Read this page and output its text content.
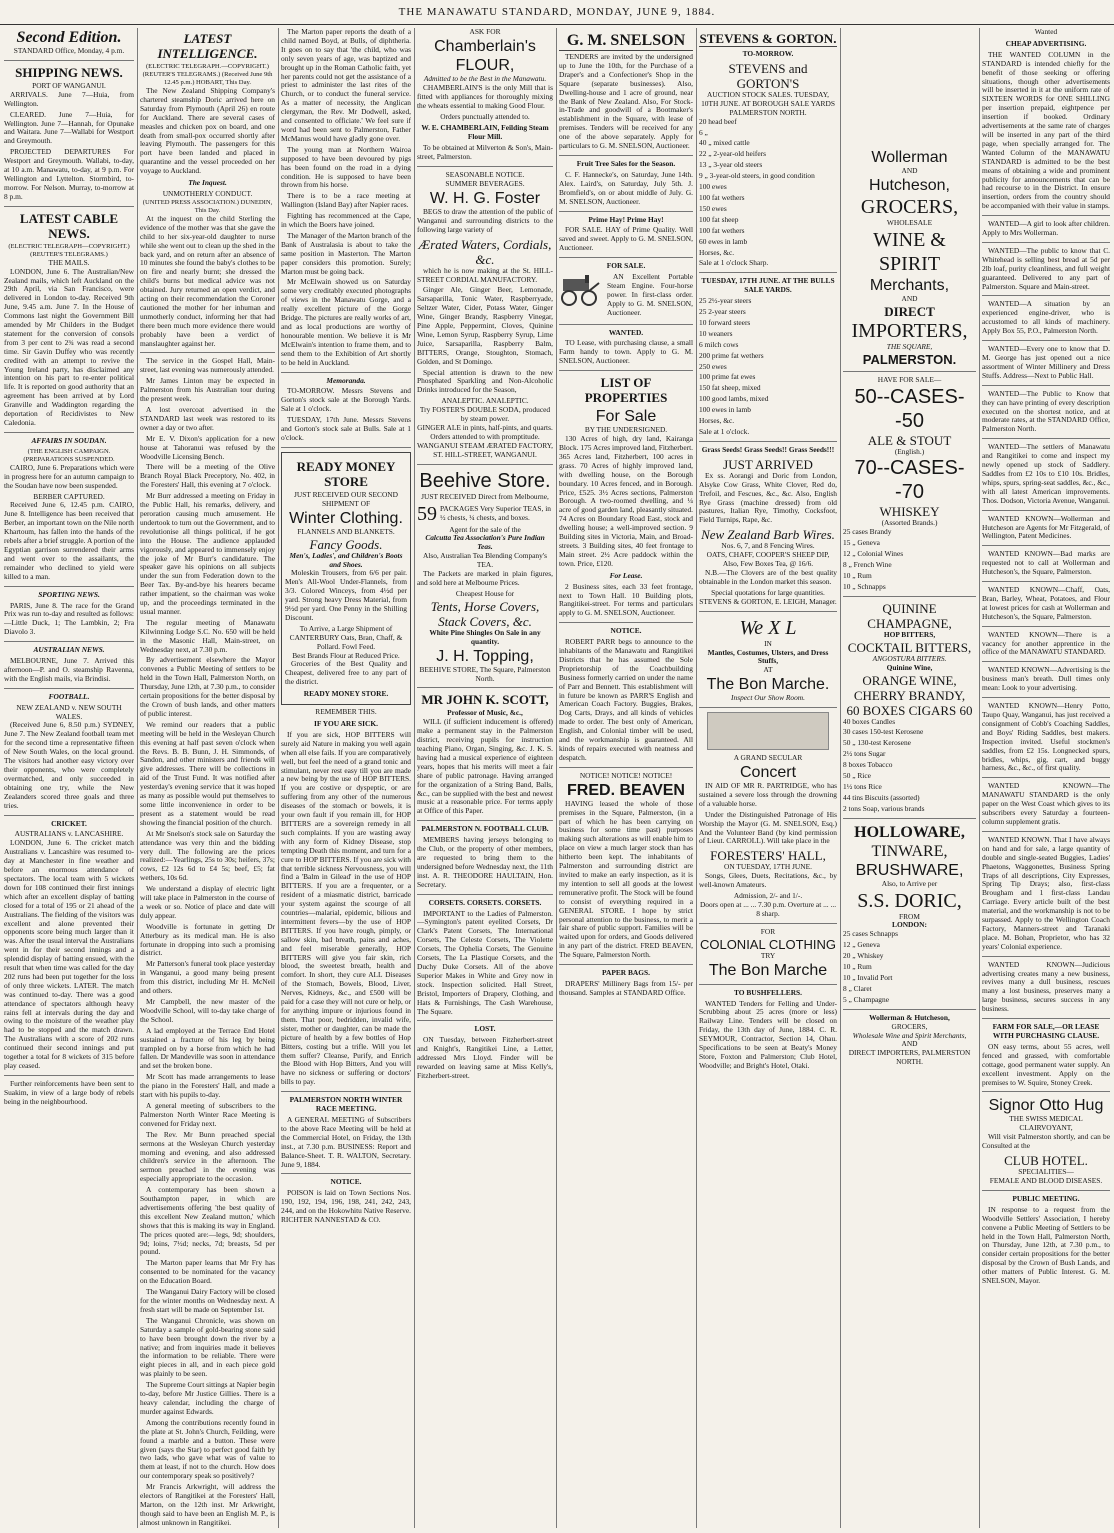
THE MANAWATU STANDARD, MONDAY, JUNE 9, 1884.
Second Edition.
STANDARD Office, Monday, 4 p.m.
SHIPPING NEWS.
PORT OF WANGANUI.

ARRIVALS. June 7—Huia, from Wellington.

CLEARED. June 7—Huia, for Wellington. June 7—Hannah, for Opunake and Waitara. June 7—Wallabi for Westport and Greymouth.

PROJECTED DEPARTURES For Westport and Greymouth. Wallabi, to-day, at 10 a.m. Manawatu, to-day, at 9 p.m. For Wellington and Lyttelton. Stormbird, to-morrow. For Nelson. Murray, to-morrow at 8 p.m.

LATEST CABLE NEWS.
(ELECTRIC TELEGRAPH—COPYRIGHT.) (REUTER'S TELEGRAMS.)
THE MAILS.

LONDON, June 6. The Australian/New Zealand mails, which left Auckland on the 29th April, via San Francisco, were delivered in London to-day. Received 9th June, 9.45 a.m. June 7. In the House of Commons last night the Government Bill amended by Mr Childers in the Budget statement for the conversion of consols from 3 per cent to 2¾ was read a second time. Sir Gavin Duffey who was recently credited with an attempt to revive the Young Ireland party, has disclaimed any intention on his part to re-enter political life. It is reported on good authority that an agreement has been arrived at by Lord Granville and Waddington regarding the deportation of Recidivistes to New Caledonia.

AFFAIRS IN SOUDAN.
(THE ENGLISH CAMPAIGN. (PREPARATIONS SUSPENDED.

CAIRO, June 6. Preparations which were in progress here for an autumn campaign to the Soudan have now been suspended.

BERBER CAPTURED.

Received June 6, 12.45 p.m. CAIRO, June 8. Intelligence has been received that Berber, an important town on the Nile north Khartoum, has fallen into the hands of the rebels after a brief struggle. A portion of the Egyptian garrison surrendered their arms and went over to the assailants, the remainder who declined to yield were killed to a man.

SPORTING NEWS.

PARIS, June 8. The race for the Grand Prix was run to-day and resulted as follows:—Little Duck, 1; The Lambkin, 2; Fra Diavolo 3.

AUSTRALIAN NEWS.

MELBOURNE, June 7. Arrived this afternoon—P. and O. steamship Ravenna, with the English mails, via Brindisi.

FOOTBALL.
NEW ZEALAND v. NEW SOUTH WALES.

(Received June 6, 8.50 p.m.) SYDNEY, June 7. The New Zealand football team met for the second time a representative fifteen of New South Wales, on the local ground. The visitors had another easy victory over their opponents, who were completely overmatched, and only succeeded in obtaining one try, while the New Zealanders scored three goals and three tries.

CRICKET.
AUSTRALIANS v. LANCASHIRE.

LONDON, June 6. The cricket match Australians v. Lancashire was resumed to-day at Manchester in fine weather and before an enormous attendance of spectators. The local team with 5 wickets down for 108 continued their first innings which after an excellent display of batting closed for a total of 195 or 21 ahead of the Australians. The fielding of the visitors was excellent and alone prevented their opponents score being much larger than it was. After the usual interval the Australians went in for their second innings and a splendid display of batting ensued, with the result that when time was called for the day 202 runs had been put together for the loss of only three wickets. LATER. The match was continued to-day. There was a good attendance of spectators although heavy rains fell at intervals during the day and owing to the moisture of the weather play had to be stopped and the match drawn. The Australians with a score of 202 runs continued their second innings and put together a total for 8 wickets of 315 before play ceased.

Further reinforcements have been sent to Suakim, in view of a large body of rebels being in the neighbourhood.

LATEST INTELLIGENCE.
(ELECTRIC TELEGRAPH.—COPYRIGHT.) (REUTER'S TELEGRAMS.) (Received June 9th 12.45 p.m.) HOBART, This Day.

The New Zealand Shipping Company's chartered steamship Doric arrived here on Saturday from Plymouth (April 26) en route for Auckland. There are several cases of measles and chicken pox on board, and one death from small-pox occurred shortly after leaving Plymouth. The passengers for this port have been landed and placed in quarantine and the vessel proceeded on her voyage to Auckland.

The Inquest.
UNMOTHERLY CONDUCT.
(UNITED PRESS ASSOCIATION.) DUNEDIN, This Day.

At the inquest on the child Sterling the evidence of the mother was that she gave the child to her six-year-old daughter to nurse while she went out to clean up the shed in the back yard, and on return after an absence of 10 minutes she found the baby's clothes to be on fire and nearly burnt; she dressed the child's burns but medical advice was not obtained. Jury returned an open verdict, and acting on their recommendation the Coroner cautioned the mother for her inhuman and unmotherly conduct, informing her that had there been much more evidence there would probably have been a verdict of manslaughter against her.

The service in the Gospel Hall, Main-street, last evening was numerously attended.

Mr James Linton may be expected in Palmerston from his Australian tour during the present week.

A lost overcoat advertised in the STANDARD last week was restored to its owner a day or two after.

Mr E. V. Dixon's application for a new house at Tahoranui was refused by the Woodville Licensing Bench.

There will be a meeting of the Olive Branch Royal Black Preceptory, No. 402, in the Foresters' Hall, this evening at 7 o'clock.

Mr Burr addressed a meeting on Friday in the Public Hall, his remarks, delivery, and peroration causing much amusement. He undertook to turn out the Government, and to revolutionise all things political, if he got into the House. The audience applauded vigorously, and appeared to immensely enjoy the joke of Mr Burr's candidature. The speaker gave his opinions on all subjects under the sun from Federation down to the Beer Tax. By-and-bye his hearers became rather impatient, so the chairman was woke up, and the proceedings terminated in the usual manner.

The regular meeting of Manawatu Kilwinning Lodge S.C. No. 650 will be held in the Masonic Hall, Main-street, on Wednesday next, at 7.30 p.m.

By advertisement elsewhere the Mayor convenes a Public Meeting of settlers to be held in the Town Hall, Palmerston North, on Thursday, June 12th, at 7.30 p.m., to consider certain propositions for the better disposal by the Crown of bush lands, and other matters of public interest.

We remind our readers that a public meeting will be held in the Wesleyan Church this evening at half past seven o'clock when the Revs. B. B. Bunn, J. H. Simmonds, of Sandon, and other ministers and friends will give addresses. There will be collections in aid of the Trust Fund. It was notified after yesterday's evening service that it was hoped as many as possible would put themselves to some little inconvenience in order to be present as a statement would be read showing the financial position of the church.

At Mr Snelson's stock sale on Saturday the attendance was very thin and the bidding very dull. The following are the prices realized:—Yearlings, 25s to 30s; heifers, 37s; cows, £2 12s 6d to £4 5s; beef, £5; fat wethers, 10s 6d.

We understand a display of electric light will take place in Palmerston in the course of a week or so. Notice of place and date will duly appear.

Woodville is fortunate in getting Dr Atterbury as its medical man. He is also fortunate in dropping into such a promising district.

Mr Patterson's funeral took place yesterday in Wanganui, a good many being present from this district, including Mr H. McNeil and others.

Mr Campbell, the new master of the Woodville School, will to-day take charge of the School.

A lad employed at the Terrace End Hotel sustained a fracture of his leg by being trampled on by a horse from which he had fallen. Dr Mandeville was soon in attendance and set the broken bone.

Mr Scott has made arrangements to lease the piano in the Foresters' Hall, and made a start with his pupils to-day.

A general meeting of subscribers to the Palmerston North Winter Race Meeting is convened for Friday next.

The Rev. Mr Bunn preached special sermons at the Wesleyan Church yesterday morning and evening, and also addressed children's service in the afternoon. The sermon preached in the evening was especially appropriate to the occasion.

A contemporary has been shown a Southampton paper, in which are advertisements offering 'the best quality of this excellent New Zealand mutton,' which shows that this is making its way in England. The prices quoted are:—legs, 9d; shoulders, 9d; loins, 7½d; necks, 7d; breasts, 5d per pound.

The Marton paper learns that Mr Fry has consented to be nominated for the vacancy on the Education Board.

The Wanganui Dairy Factory will be closed for the winter months on Wednesday next. A fresh start will be made on September 1st.

The Wanganui Chronicle, was shown on Saturday a sample of gold-bearing stone said to have been brought down the river by a native; and from inquiries made it believes the information to be reliable. There were eight pieces in all, and in each piece gold was plainly to be seen.

The Supreme Court sittings at Napier begin to-day, before Mr Justice Gillies. There is a heavy calendar, including the charge of murder against Edwards.

Among the contributions recently found in the plate at St. John's Church, Feilding, were found a marble and a button. These were given (says the Star) to perfect good faith by two lads, who gave what was of value to them at least, if not to the church. How does our contemporary speak so positively?

Mr Francis Arkwright, will address the electors of Rangitikei at the Foresters' Hall, Marton, on the 12th inst. Mr Arkwright, though said to have been an English M. P., is almost unknown in Rangitikei.

The Marton paper reports the death of a child named Boyd, at Bulls, of diphtheria. It goes on to say that 'the child, who was only seven years of age, was baptized and brought up in the Roman Catholic faith, yet her parents could not get the assistance of a priest to administer the last rites of the Church, or to conduct the funeral service. As a matter of necessity, the Anglican clergyman, the Rev. Mr Dodwell, asked, and consented to officiate.' We feel sure if word had been sent to Palmerston, Father McManus would have gladly gone over.

The young man at Northern Wairoa supposed to have been devoured by pigs has been found on the road in a dying condition. He is supposed to have been thrown from his horse.

There is to be a race meeting at Wallington (Island Bay) after Napier races.

Fighting has recommenced at the Cape, in which the Boers have joined.

The Manager of the Marton branch of the Bank of Australasia is about to take the same position in Masterton. The Marton paper considers this promotion. Surely; Marton must be going back.

Mr McElwain showed us on Saturday some very creditably executed photographs of views in the Manawatu Gorge, and a really excellent picture of the Gorge Bridge. The pictures are really works of art, and as local productions are worthy of honourable mention. We believe it is Mr McElwain's intention to frame them, and to send them to the Exhibition of Art shortly to be held in Auckland.

Memoranda.

TO-MORROW. Messrs Stevens and Gorton's stock sale at the Borough Yards. Sale at 1 o'clock.

TUESDAY, 17th June. Messrs Stevens and Gorton's stock sale at Bulls. Sale at 1 o'clock.

READY MONEY STORE
JUST RECEIVED OUR SECOND SHIPMENT OF
Winter Clothing.
FLANNELS AND BLANKETS.
Fancy Goods.
Men's, Ladies', and Children's Boots and Shoes.

Moleskin Trousers, from 6/6 per pair. Men's All-Wool Under-Flannels, from 3/3. Colored Winceys, from 4½d per yard. Strong heavy Dress Material, from 9½d per yard. One Penny in the Shilling Discount.

To Arrive, a Large Shipment of CANTERBURY Oats, Bran, Chaff, & Pollard. Fowl Feed.
Best Brands Flour at Reduced Price.

Groceries of the Best Quality and Cheapest, delivered free to any part of the district.

READY MONEY STORE.
REMEMBER THIS.
IF YOU ARE SICK.

If you are sick, HOP BITTERS will surely aid Nature in making you well again when all else fails. If you are comparatively well, but feel the need of a grand tonic and stimulant, never rest easy till you are made a new being by the use of HOP BITTERS. If you are costive or dyspeptic, or are suffering from any other of the numerous diseases of the stomach or bowels, it is your own fault if you remain ill, for HOP BITTERS are a sovereign remedy in all such complaints. If you are wasting away with any form of Kidney Disease, stop tempting Death this moment, and turn for a cure to HOP BITTERS. If you are sick with that terrible sickness Nervousness, you will find a 'Balm in Gilead' in the use of HOP BITTERS. If you are a frequenter, or a resident of a miasmatic district, barricade your system against the scourge of all countries—malarial, epidemic, bilious and intermittent fevers—by the use of HOP BITTERS. If you have rough, pimply, or sallow skin, bad breath, pains and aches, and feel miserable generally, HOP BITTERS will give you fair skin, rich blood, the sweetest breath, health and comfort. In short, they cure ALL Diseases of the Stomach, Bowels, Blood, Liver, Nerves, Kidneys, &c., and £500 will be paid for a case they will not cure or help, or for anything impure or injurious found in them. That poor, bedridden, invalid wife, sister, mother or daughter, can be made the picture of health by a few bottles of Hop Bitters, costing but a trifle. Will you let them suffer? Cleanse, Purify, and Enrich the Blood with Hop Bitters, And you will have no sickness or suffering or doctors' bills to pay.

PALMERSTON NORTH WINTER RACE MEETING.

A GENERAL MEETING of Subscribers to the above Race Meeting will be held at the Commercial Hotel, on Friday, the 13th inst., at 7.30 p.m. BUSINESS: Report and Balance-Sheet. T. R. WALTON, Secretary. June 9, 1884.

NOTICE.

POISON is laid on Town Sections Nos. 190, 192, 194, 196, 198, 241, 242, 243, 244, and on the Hokowhitu Native Reserve. RICHTER NANNESTAD & CO.

ASK FOR
Chamberlain's FLOUR,
Admitted to be the Best in the Manawatu.

CHAMBERLAIN'S is the only Mill that is fitted with appliances for thoroughly mixing the wheats essential to making Good Flour.

Orders punctually attended to.
W. E. CHAMBERLAIN, Feilding Steam Flour Mill.

To be obtained at Milverton & Son's, Main-street, Palmerston.

SEASONABLE NOTICE.
SUMMER BEVERAGES.
W. H. G. Foster

BEGS to draw the attention of the public of Wanganui and surrounding districts to the following large variety of

Ærated Waters, Cordials, &c.

which he is now making at the St. HILL-STREET CORDIAL MANUFACTORY.

Ginger Ale, Ginger Beer, Lemonade, Sarsaparilla, Tonic Water, Raspberryade, Seltzer Water, Cider, Potass Water, Ginger Wine, Ginger Brandy, Raspberry Vinegar, Pine Apple, Peppermint, Cloves, Quinine Wine, Lemon Syrup, Raspberry Syrup, Lime Juice, Sarsaparilla, Raspberry Balm, BITTERS, Orange, Stoughton, Stomach, Golden, and St Domingo.

Special attention is drawn to the new Phosphated Sparkling and Non-Alcoholic Drinks introduced for the Season,

ANALEPTIC. ANALEPTIC.
Try FOSTER'S DOUBLE SODA, produced by steam power.
GINGER ALE in pints, half-pints, and quarts.
Orders attended to with promptitude.
WANGANUI STEAM ÆRATED FACTORY, ST. HILL-STREET, WANGANUI.
Beehive Store.
JUST RECEIVED Direct from Melbourne,
59 PACKAGES Very Superior TEAS, in ½ chests, ¼ chests, and boxes.
Agent for the sale of the
Calcutta Tea Association's Pure Indian Teas.
Also, Australian Tea Blending Company's TEA.

The Packets are marked in plain figures, and sold here at Melbourne Prices.

Cheapest House for
Tents, Horse Covers, Stack Covers, &c.
White Pine Shingles On Sale in any quantity.
J. H. Topping,
BEEHIVE STORE, The Square, Palmerston North.
MR JOHN K. SCOTT,
Professor of Music, &c.,

WILL (if sufficient inducement is offered) make a permanent stay in the Palmerston district, receiving pupils for instruction teaching Piano, Organ, Singing, &c. J. K. S. having had a musical experience of eighteen years, hopes that his merits will meet a fair share of public patronage. Having arranged for the organization of a String Band, Balls, &c., can be supplied with the best and newest music at a reasonable price. For terms apply at Office of this Paper.

PALMERSTON N. FOOTBALL CLUB.

MEMBERS having jerseys belonging to the Club, or the property of other members, are requested to bring them to the undersigned before Wednesday next, the 11th inst. A. R. THEODORE HAULTAIN, Hon. Secretary.

CORSETS. CORSETS. CORSETS.

IMPORTANT to the Ladies of Palmerston.—Symington's patent eyelited Corsets, Dr Clark's Patent Corsets, The International Corsets, The Celeste Corsets, The Violette Corsets, The Ophelia Corsets, The Genuine Corsets, The La Plastique Corsets, and the Duchy Duke Corsets. All of the above Superior Makes in White and Grey now in stock. Inspection solicited. Hall Street, Bristol, Importers of Drapery, Clothing, and Hats & Furnishings, The Cash Warehouse, The Square.

LOST.

ON Tuesday, between Fitzherbert-street and Knight's, Rangitikei Line, a Letter, addressed Mrs Lloyd. Finder will be rewarded on leaving same at Miss Kelly's, Fitzherbert-street.

G. M. SNELSON

TENDERS are invited by the undersigned up to June the 10th, for the Purchase of a Draper's and a Confectioner's Shop in the Square (separate businesses). Also, Dwelling-house and 1 acre of ground, near the Bank of New Zealand. Also, For Stock-in-Trade and goodwill of a Bootmaker's establishment in the Square, with lease of premises. Tenders will be received for any one of the above separately. Apply for particulars to G. M. SNELSON, Auctioneer.

Fruit Tree Sales for the Season.

C. F. Hannecke's, on Saturday, June 14th. Alex. Laird's, on Saturday, July 5th. J. Bromfield's, on or about middle of July. G. M. SNELSON, Auctioneer.

Prime Hay! Prime Hay!

FOR SALE. HAY of Prime Quality. Well saved and sweet. Apply to G. M. SNELSON, Auctioneer.

FOR SALE.

AN Excellent Portable Steam Engine. Four-horse power. In first-class order. Apply to G. M. SNELSON, Auctioneer.

WANTED.

TO Lease, with purchasing clause, a small Farm handy to town. Apply to G. M. SNELSON, Auctioneer.

LIST OF PROPERTIES
For Sale
BY THE UNDERSIGNED.

130 Acres of high, dry land, Kairanga Block. 175 Acres improved land, Fitzherbert. 365 Acres land, Fitzherbert, 100 acres in grass. 70 Acres of highly improved land, with dwelling house, on the Borough boundary. 10 Acres fenced, and in Borough. Price, £525. 3½ Acres sections, Palmerston Borough. A two-roomed dwelling, and ¼ acre of good garden land, pleasantly situated. 74 Acres on Boundary Road East, stock and dwelling house; a well-improved section. 9 Building sites in Victoria, Main, and Broad-streets. 3 Building sites, 40 feet frontage to Main street. 2½ Acre paddock within the town. Price, £120.

For Lease.

2 Business sites, each 33 feet frontage, next to Town Hall. 10 Building plots, Rangitikei-street. For terms and particulars apply to G. M. SNELSON, Auctioneer.

NOTICE.

ROBERT PARR begs to announce to the inhabitants of the Manawatu and Rangitikei Districts that he has assumed the Sole Proprietorship of the Coachbuilding Business formerly carried on under the name of Parr and Bennett. This establishment will in future be known as PARR'S English and American Coach Factory. Buggies, Brakes, Dog Carts, Drays, and all kinds of vehicles made to order. The best only of American, English, and Colonial timber will be used, and the workmanship is guaranteed. All kinds of repairs executed with neatness and despatch.

NOTICE! NOTICE! NOTICE!
FRED. BEAVEN

HAVING leased the whole of those premises in the Square, Palmerston, (in a part of which he has been carrying on business for some time past) purposes making such alterations as will enable him to place on view a much larger stock than has hitherto been kept. The inhabitants of Palmerston and surrounding district are invited to make an early inspection, as it is my intention to sell all goods at the lowest remunerative profit. The Stock will be found to consist of everything required in a GENERAL STORE. I hope by strict personal attention to the business, to merit a fair share of public support. Families will be waited upon for orders, and Goods delivered in any part of the district. FRED BEAVEN, The Square, Palmerston North.

PAPER BAGS.

DRAPERS' Millinery Bags from 15/- per thousand. Samples at STANDARD Office.

STEVENS & GORTON.
TO-MORROW.
STEVENS and GORTON'S
AUCTION STOCK SALES. TUESDAY, 10TH JUNE. AT BOROUGH SALE YARDS PALMERSTON NORTH.

20 head beef

6 „

40 „ mixed cattle

22 „ 2-year-old heifers

13 „ 3-year old steers

9 „ 3-year-old steers, in good condition

100 ewes

100 fat wethers

150 ewes

100 fat sheep

100 fat wethers

60 ewes in lamb

Horses, &c.

Sale at 1 o'clock Sharp.

TUESDAY, 17TH JUNE. AT THE BULLS SALE YARDS.

25 2½-year steers

25 2-year steers

10 forward steers

10 weaners

6 milch cows

200 prime fat wethers

250 ewes

100 prime fat ewes

150 fat sheep, mixed

100 good lambs, mixed

100 ewes in lamb

Horses, &c.

Sale at 1 o'clock.

Grass Seeds! Grass Seeds!! Grass Seeds!!!
JUST ARRIVED

Ex ss. Aorangi and Doric from London, Alsyke Cow Grass, White Clover, Red do, Trefoil, and Fescues, &c., &c. Also, English Rye Grass (machine dressed) from old pastures, Italian Rye, Timothy, Cocksfoot, Field Turnips, Rape, &c.

New Zealand Barb Wires.
Nos. 6, 7, and 8 Fencing Wires.
OATS, CHAFF, COOPER'S SHEEP DIP, Also, Few Boxes Tea, @ 16/6.

N.B.—The Clovers are of the best quality obtainable in the London market this season.

Special quotations for large quantities.
STEVENS & GORTON, E. LEIGH, Manager.
We X L
IN
Mantles, Costumes, Ulsters, and Dress Stuffs,
AT
The Bon Marche.
Inspect Our Show Room.
A GRAND SECULAR
Concert

IN AID OF MR R. PARTRIDGE, who has sustained a severe loss through the drowning of a valuable horse.

Under the Distinguished Patronage of His Worship the Mayor (G. M. SNELSON, Esq.) And the Volunteer Band (by kind permission of Lieut. CARROLL). Will take place in the

FORESTERS' HALL,
ON TUESDAY, 17TH JUNE.

Songs, Glees, Duets, Recitations, &c., by well-known Amateurs.

Admission, 2/- and 1/-.
Doors open at ... ... 7.30 p.m. Overture at ... ... 8 sharp.
FOR
COLONIAL CLOTHING
TRY
The Bon Marche
TO BUSHFELLERS.

WANTED Tenders for Felling and Under-Scrubbing about 25 acres (more or less) Railway Line. Tenders will be closed on Friday, the 13th day of June, 1884. C. R. SEYMOUR, Contractor, Section 14, Ohau. Specifications to be seen at Beaty's Money Store, Foxton and Palmerston; Club Hotel, Woodville; and Bright's Hotel, Otaki.

Wollerman
AND
Hutcheson,
GROCERS,
WHOLESALE
WINE & SPIRIT
Merchants,
AND
DIRECT
IMPORTERS,
THE SQUARE,
PALMERSTON.
HAVE FOR SALE—
50--CASES--50
ALE & STOUT
(English.)
70--CASES--70
WHISKEY
(Assorted Brands.)

25 cases Brandy

15 „ Geneva

12 „ Colonial Wines

8 „ French Wine

10 „ Rum

10 „ Schnapps

QUININE CHAMPAGNE,
HOP BITTERS,
COCKTAIL BITTERS,
ANGOSTURA BITTERS.
Quinine Wine,
ORANGE WINE,
CHERRY BRANDY,
60 BOXES CIGARS 60

40 boxes Candles

30 cases 150-test Kerosene

50 „ 130-test Kerosene

2½ tons Sugar

8 boxes Tobacco

50 „ Rice

1½ tons Rice

44 tins Biscuits (assorted)

2 tons Soap, various brands

HOLLOWARE,
TINWARE,
BRUSHWARE,
Also, to Arrive per
S.S. DORIC,
FROM
LONDON:

25 cases Schnapps

12 „ Geneva

20 „ Whiskey

10 „ Rum

10 „ Invalid Port

8 „ Claret

5 „ Champagne

Wollerman & Hutcheson,
GROCERS,
Wholesale Wine and Spirit Merchants,
AND
DIRECT IMPORTERS, PALMERSTON NORTH.
Wanted
CHEAP ADVERTISING.

THE WANTED COLUMN in the STANDARD is intended chiefly for the benefit of those seeking or offering situations, though other advertisements will be inserted in it at the uniform rate of SIXTEEN WORDS for ONE SHILLING per insertion prepaid, eightpence per insertion if booked. Ordinary advertisements at the same rate of charges will be inserted in any part of the third page, when specially arranged for. The Wanted Column of the MANAWATU STANDARD is admitted to be the best means of obtaining a wide and prominent publicity for announcements that can be had recourse to in the District. In ensure insertion, orders from the country should be accompanied with their value in stamps.

WANTED—A girl to look after children. Apply to Mrs Wollerman.

WANTED—The public to know that C. Whitehead is selling best bread at 5d per 2lb loaf, purity cleanliness, and full weight guaranteed. Delivered to any part of Palmerston. Square and Main-street.

WANTED—A situation by an experienced engine-driver, who is accustomed to all kinds of machinery. Apply Box 55, P.O., Palmerston North.

WANTED—Every one to know that D. M. George has just opened out a nice assortment of Winter Millinery and Dress Stuffs. Address—Next to Public Hall.

WANTED—The Public to Know that they can have printing of every description executed on the shortest notice, and at moderate rates, at the STANDARD Office, Palmerston North.

WANTED—The settlers of Manawatu and Rangitikei to come and inspect my newly opened up stock of Saddlery. Saddles from £2 10s to £10 10s. Bridles, whips, spurs, spring-seat saddles, &c., &c., with all latest American improvements. Thos. Dodson, Victoria Avenue, Wanganui.

WANTED KNOWN—Wollerman and Hutcheson are Agents for Mr Fitzgerald, of Wellington, Patent Medicines.

WANTED KNOWN—Bad marks are requested not to call at Wollerman and Hutcheson's, the Square, Palmerston.

WANTED KNOWN—Chaff, Oats, Bran, Barley, Wheat, Potatoes, and Flour at lowest prices for cash at Wollerman and Hutcheson's, the Square, Palmerston.

WANTED KNOWN—There is a vacancy for another apprentice in the office of the MANAWATU STANDARD.

WANTED KNOWN—Advertising is the business man's breath. Dull times only mean: Look to your advertising.

WANTED KNOWN—Henry Potto, Taupo Quay, Wanganui, has just received a consignment of Cobb's Coaching Saddles, and Boys' Riding Saddles, best makers. Inspection invited. Useful stockmen's saddles, from £2 15s. Longnecked spurs, bridles, whips, gig, cart, and buggy harness, &c., &c., of first quality.

WANTED KNOWN—The MANAWATU STANDARD is the only paper on the West Coast which gives to its subscribers every Saturday a fourteen-column supplement gratis.

WANTED KNOWN. That I have always on hand and for sale, a large quantity of double and single-seated Buggies, Ladies' Phaetons, Waggonettes, Business Spring Traps of all descriptions, City Expresses, Spring Tip Drays; also, first-class Brougham and 1 first-class Landau Carriage. Every article built of the best material, and the workmanship is not to be surpassed. Apply to the Wellington Coach Factory, Manners-street and Taranaki place. M. Bohan, Proprietor, who has 32 years' Colonial experience.

WANTED KNOWN—Judicious advertising creates many a new business, revives many a dull business, rescues many a lost business, preserves many a large business, secures success in any business.

FARM FOR SALE,—OR LEASE WITH PURCHASING CLAUSE.

ON easy terms, about 55 acres, well fenced and grassed, with comfortable cottage, good permanent water supply. An excellent investment. Apply on the premises to W. Squire, Stoney Creek.

Signor Otto Hug
THE SWISS MEDICAL CLAIRVOYANT,

Will visit Palmerston shortly, and can be Consulted at the

CLUB HOTEL.
SPECIALITIES—
FEMALE AND BLOOD DISEASES.
PUBLIC MEETING.

IN response to a request from the Woodville Settlers' Association, I hereby convene a Public Meeting of Settlers to be held in the Town Hall, Palmerston North, on Thursday, June 12th, at 7.30 p.m., to consider certain propositions for the better disposal by the Crown of Bush Lands, and other matters of Public Interest. G. M. SNELSON, Mayor.
